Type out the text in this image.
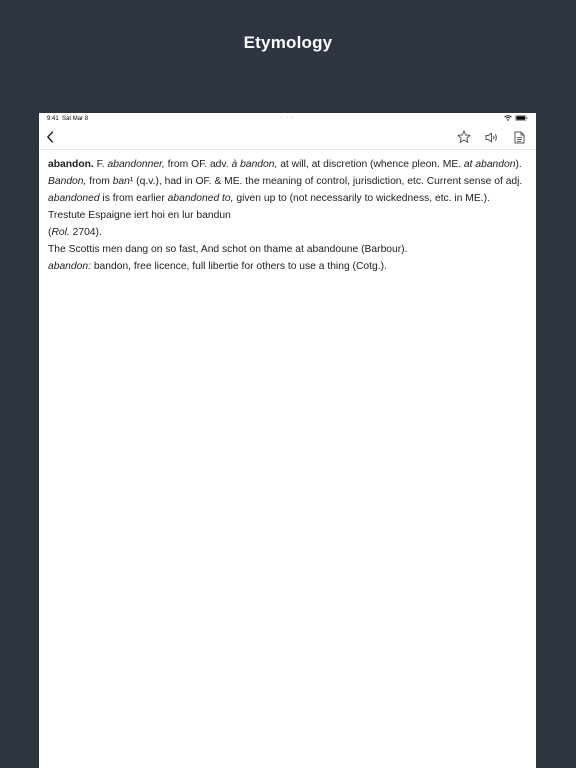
Etymology
9:41 Sat Mar 8	• • •

abandon. F. abandonner, from OF. adv. à bandon, at will, at discretion (whence pleon. ME. at abandon). Bandon, from ban¹ (q.v.), had in OF. & ME. the meaning of control, jurisdiction, etc. Current sense of adj. abandoned is from earlier abandoned to, given up to (not necessarily to wickedness, etc. in ME.).

Trestute Espaigne iert hoi en lur bandun

(Rol. 2704).

The Scottis men dang on so fast, And schot on thame at abandoune (Barbour).

abandon: bandon, free licence, full libertie for others to use a thing (Cotg.).
